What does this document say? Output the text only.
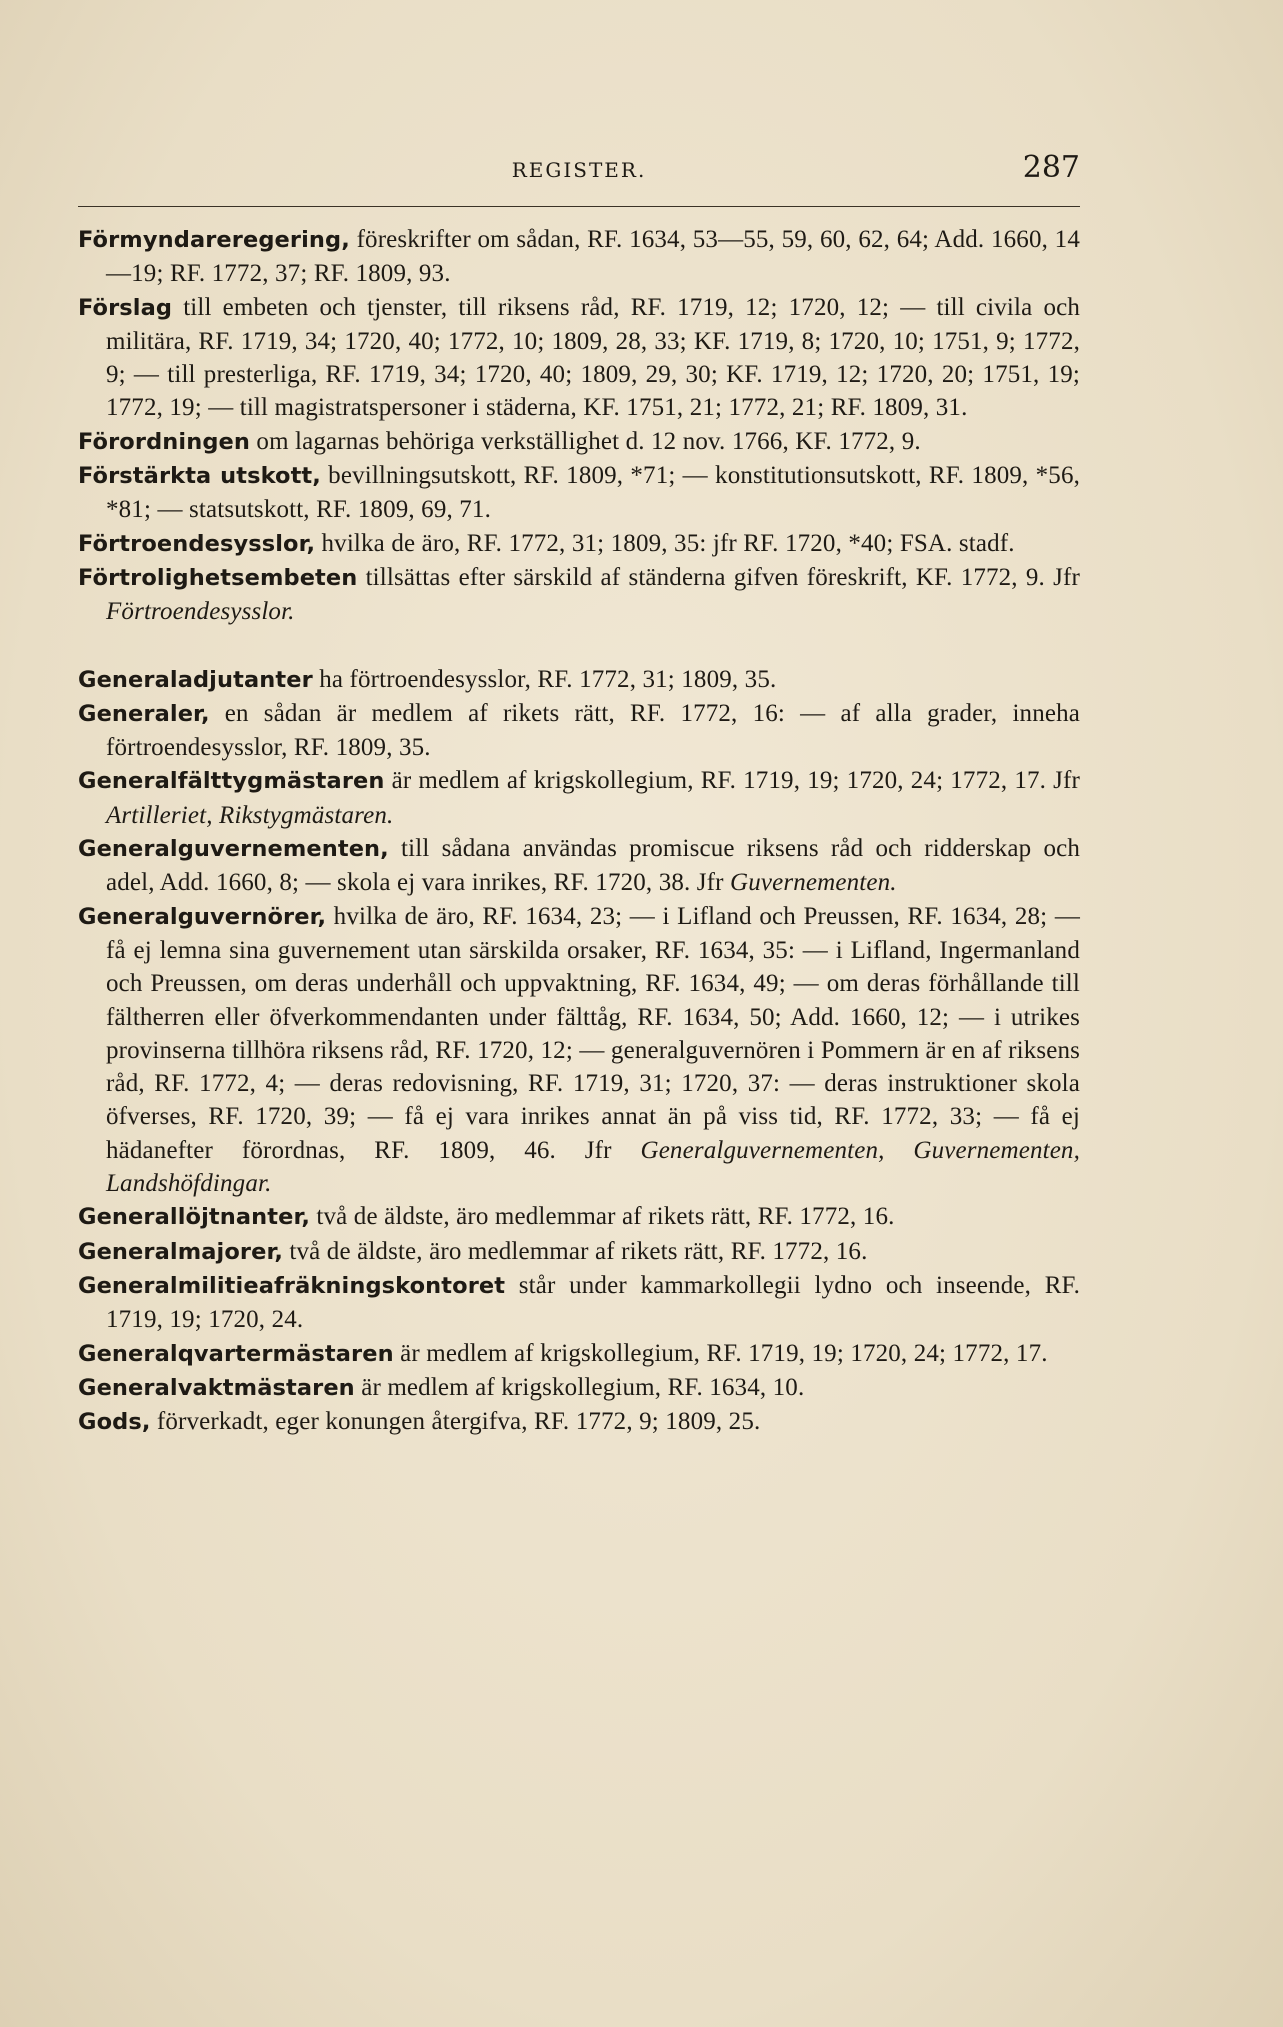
REGISTER.	287

Förmyndareregering, föreskrifter om sådan, RF. 1634, 53—55, 59, 60, 62, 64; Add. 1660, 14—19; RF. 1772, 37; RF. 1809, 93.

Förslag till embeten och tjenster, till riksens råd, RF. 1719, 12; 1720, 12; — till civila och militära, RF. 1719, 34; 1720, 40; 1772, 10; 1809, 28, 33; KF. 1719, 8; 1720, 10; 1751, 9; 1772, 9; — till presterliga, RF. 1719, 34; 1720, 40; 1809, 29, 30; KF. 1719, 12; 1720, 20; 1751, 19; 1772, 19; — till magistratspersoner i städerna, KF. 1751, 21; 1772, 21; RF. 1809, 31.

Förordningen om lagarnas behöriga verkställighet d. 12 nov. 1766, KF. 1772, 9.

Förstärkta utskott, bevillningsutskott, RF. 1809, *71; — konstitutionsutskott, RF. 1809, *56, *81; — statsutskott, RF. 1809, 69, 71.

Förtroendesysslor, hvilka de äro, RF. 1772, 31; 1809, 35: jfr RF. 1720, *40; FSA. stadf.

Förtrolighetsembeten tillsättas efter särskild af ständerna gifven föreskrift, KF. 1772, 9. Jfr Förtroendesysslor.

Generaladjutanter ha förtroendesysslor, RF. 1772, 31; 1809, 35.

Generaler, en sådan är medlem af rikets rätt, RF. 1772, 16: — af alla grader, inneha förtroendesysslor, RF. 1809, 35.

Generalfälttygmästaren är medlem af krigskollegium, RF. 1719, 19; 1720, 24; 1772, 17. Jfr Artilleriet, Rikstygmästaren.

Generalguvernementen, till sådana användas promiscue riksens råd och ridderskap och adel, Add. 1660, 8; — skola ej vara inrikes, RF. 1720, 38. Jfr Guvernementen.

Generalguvernörer, hvilka de äro, RF. 1634, 23; — i Lifland och Preussen, RF. 1634, 28; — få ej lemna sina guvernement utan särskilda orsaker, RF. 1634, 35: — i Lifland, Ingermanland och Preussen, om deras underhåll och uppvaktning, RF. 1634, 49; — om deras förhållande till fältherren eller öfverkommendanten under fälttåg, RF. 1634, 50; Add. 1660, 12; — i utrikes provinserna tillhöra riksens råd, RF. 1720, 12; — generalguvernören i Pommern är en af riksens råd, RF. 1772, 4; — deras redovisning, RF. 1719, 31; 1720, 37: — deras instruktioner skola öfverses, RF. 1720, 39; — få ej vara inrikes annat än på viss tid, RF. 1772, 33; — få ej hädanefter förordnas, RF. 1809, 46. Jfr Generalguvernementen, Guvernementen, Landshöfdingar.

Generallöjtnanter, två de äldste, äro medlemmar af rikets rätt, RF. 1772, 16.

Generalmajorer, två de äldste, äro medlemmar af rikets rätt, RF. 1772, 16.

Generalmilitieafräkningskontoret står under kammarkollegii lydno och inseende, RF. 1719, 19; 1720, 24.

Generalqvartermästaren är medlem af krigskollegium, RF. 1719, 19; 1720, 24; 1772, 17.

Generalvaktmästaren är medlem af krigskollegium, RF. 1634, 10.

Gods, förverkadt, eger konungen återgifva, RF. 1772, 9; 1809, 25.
